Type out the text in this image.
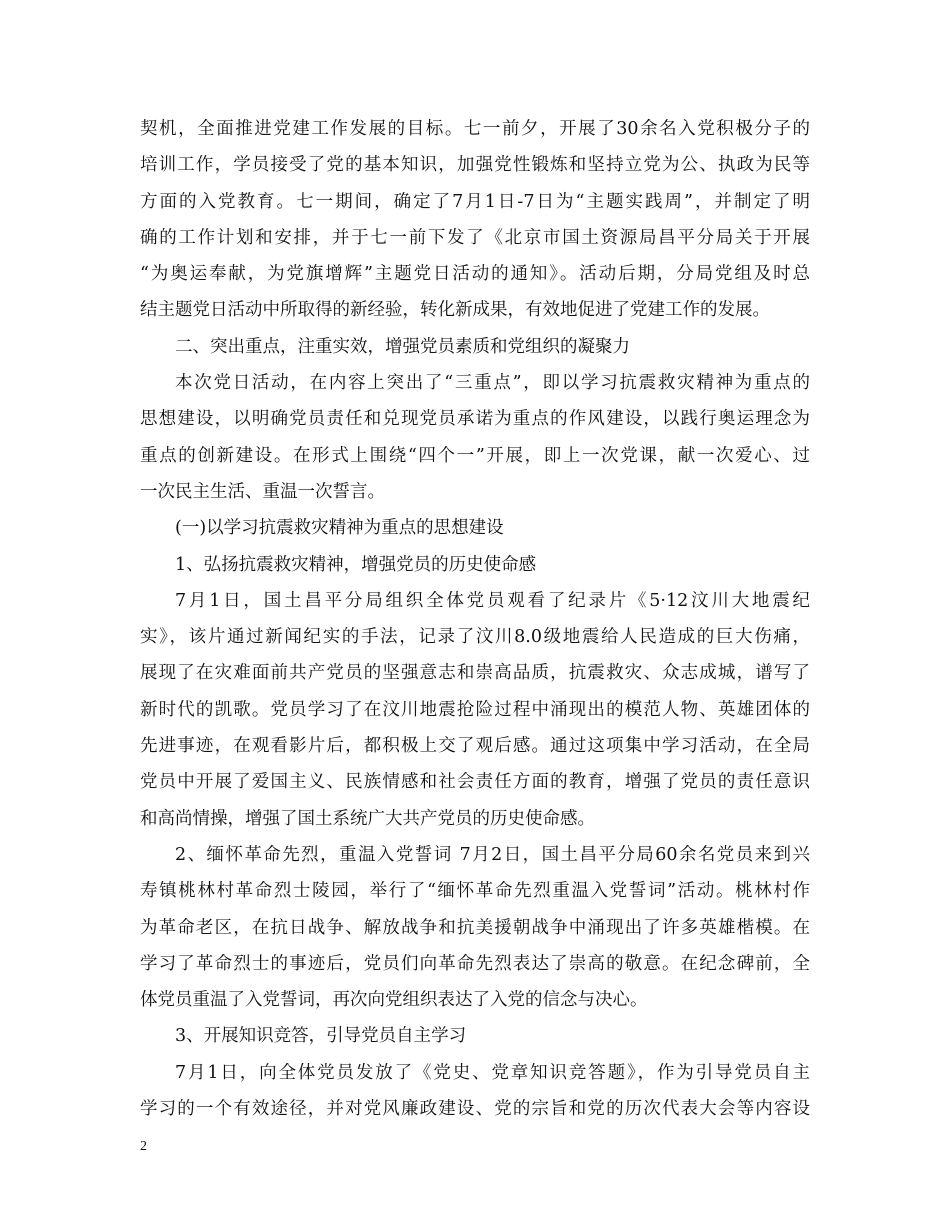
契机，全面推进党建工作发展的目标。七一前夕，开展了30余名入党积极分子的
培训工作，学员接受了党的基本知识，加强党性锻炼和坚持立党为公、执政为民等
方面的入党教育。七一期间，确定了7月1日-7日为“主题实践周”，并制定了明
确的工作计划和安排，并于七一前下发了《北京市国土资源局昌平分局关于开展
“为奥运奉献，为党旗增辉”主题党日活动的通知》。活动后期，分局党组及时总
结主题党日活动中所取得的新经验，转化新成果，有效地促进了党建工作的发展。
二、突出重点，注重实效，增强党员素质和党组织的凝聚力
本次党日活动，在内容上突出了“三重点”，即以学习抗震救灾精神为重点的
思想建设，以明确党员责任和兑现党员承诺为重点的作风建设，以践行奥运理念为
重点的创新建设。在形式上围绕“四个一”开展，即上一次党课，献一次爱心、过
一次民主生活、重温一次誓言。
(一)以学习抗震救灾精神为重点的思想建设
1、弘扬抗震救灾精神，增强党员的历史使命感
7月1日，国土昌平分局组织全体党员观看了纪录片《5·12汶川大地震纪
实》，该片通过新闻纪实的手法，记录了汶川8.0级地震给人民造成的巨大伤痛，
展现了在灾难面前共产党员的坚强意志和崇高品质，抗震救灾、众志成城，谱写了
新时代的凯歌。党员学习了在汶川地震抢险过程中涌现出的模范人物、英雄团体的
先进事迹，在观看影片后，都积极上交了观后感。通过这项集中学习活动，在全局
党员中开展了爱国主义、民族情感和社会责任方面的教育，增强了党员的责任意识
和高尚情操，增强了国土系统广大共产党员的历史使命感。
2、缅怀革命先烈，重温入党誓词 7月2日，国土昌平分局60余名党员来到兴
寿镇桃林村革命烈士陵园，举行了“缅怀革命先烈重温入党誓词”活动。桃林村作
为革命老区，在抗日战争、解放战争和抗美援朝战争中涌现出了许多英雄楷模。在
学习了革命烈士的事迹后，党员们向革命先烈表达了崇高的敬意。在纪念碑前，全
体党员重温了入党誓词，再次向党组织表达了入党的信念与决心。
3、开展知识竞答，引导党员自主学习
7月1日，向全体党员发放了《党史、党章知识竞答题》，作为引导党员自主
学习的一个有效途径，并对党风廉政建设、党的宗旨和党的历次代表大会等内容设
2
